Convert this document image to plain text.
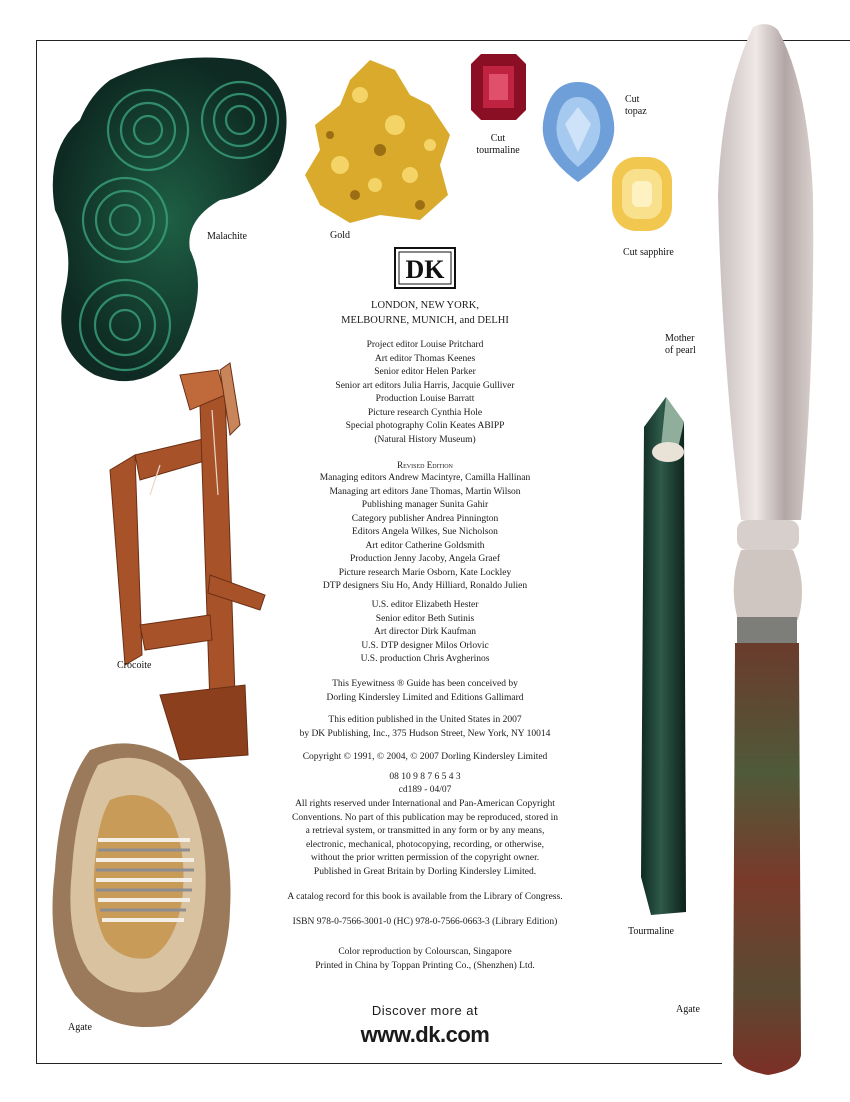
Malachite	Gold
Cut
tourmaline
Cut
topaz
Cut sapphire
Mother
of pearl
Crocoite
Agate
Tourmaline
Agate
DK
LONDON, NEW YORK,
MELBOURNE, MUNICH, and DELHI
Project editor Louise Pritchard
Art editor Thomas Keenes
Senior editor Helen Parker
Senior art editors Julia Harris, Jacquie Gulliver
Production Louise Barratt
Picture research Cynthia Hole
Special photography Colin Keates ABIPP
(Natural History Museum)
Revised Edition
Managing editors Andrew Macintyre, Camilla Hallinan
Managing art editors Jane Thomas, Martin Wilson
Publishing manager Sunita Gahir
Category publisher Andrea Pinnington
Editors Angela Wilkes, Sue Nicholson
Art editor Catherine Goldsmith
Production Jenny Jacoby, Angela Graef
Picture research Marie Osborn, Kate Lockley
DTP designers Siu Ho, Andy Hilliard, Ronaldo Julien
U.S. editor Elizabeth Hester
Senior editor Beth Sutinis
Art director Dirk Kaufman
U.S. DTP designer Milos Orlovic
U.S. production Chris Avgherinos
This Eyewitness ® Guide has been conceived by
Dorling Kindersley Limited and Editions Gallimard
This edition published in the United States in 2007
by DK Publishing, Inc., 375 Hudson Street, New York, NY 10014
Copyright © 1991, © 2004, © 2007 Dorling Kindersley Limited
08 10 9 8 7 6 5 4 3
cd189 - 04/07
All rights reserved under International and Pan-American Copyright
Conventions. No part of this publication may be reproduced, stored in
a retrieval system, or transmitted in any form or by any means,
electronic, mechanical, photocopying, recording, or otherwise,
without the prior written permission of the copyright owner.
Published in Great Britain by Dorling Kindersley Limited.
A catalog record for this book is available from the Library of Congress.
ISBN 978-0-7566-3001-0 (HC) 978-0-7566-0663-3 (Library Edition)
Color reproduction by Colourscan, Singapore
Printed in China by Toppan Printing Co., (Shenzhen) Ltd.
Discover more at
www.dk.com
